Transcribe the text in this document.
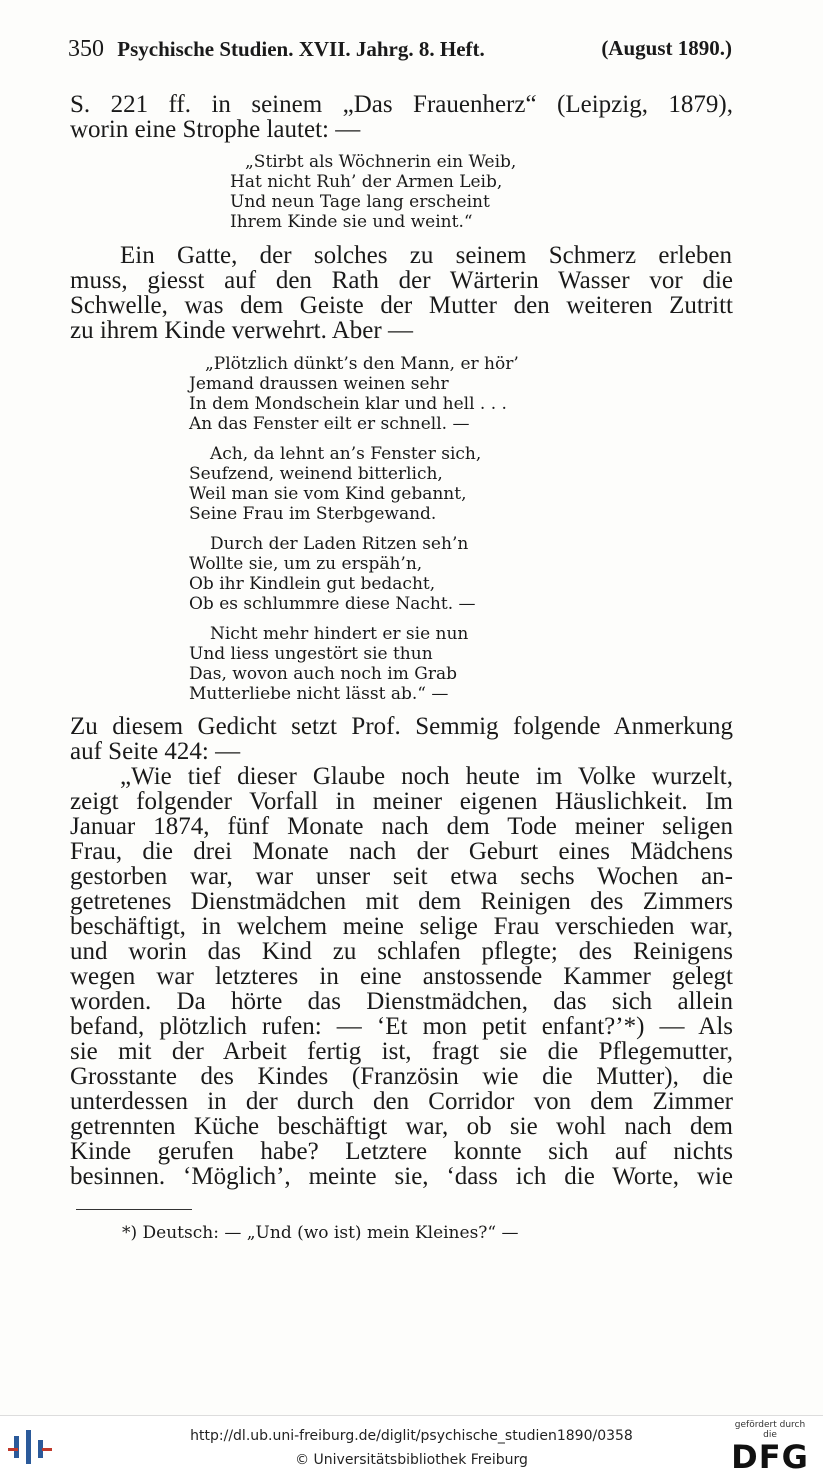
350 Psychische Studien. XVII. Jahrg. 8. Heft.	(August 1890.)
S. 221 ff. in seinem „Das Frauenherz“ (Leipzig, 1879),
worin eine Strophe lautet: —
„Stirbt als Wöchnerin ein Weib,
Hat nicht Ruh’ der Armen Leib,
Und neun Tage lang erscheint
Ihrem Kinde sie und weint.“
Ein Gatte, der solches zu seinem Schmerz erleben
muss, giesst auf den Rath der Wärterin Wasser vor die
Schwelle, was dem Geiste der Mutter den weiteren Zutritt
zu ihrem Kinde verwehrt. Aber —
„Plötzlich dünkt’s den Mann, er hör’
Jemand draussen weinen sehr
In dem Mondschein klar und hell . . .
An das Fenster eilt er schnell. —
Ach, da lehnt an’s Fenster sich,
Seufzend, weinend bitterlich,
Weil man sie vom Kind gebannt,
Seine Frau im Sterbgewand.
Durch der Laden Ritzen seh’n
Wollte sie, um zu erspäh’n,
Ob ihr Kindlein gut bedacht,
Ob es schlummre diese Nacht. —
Nicht mehr hindert er sie nun
Und liess ungestört sie thun
Das, wovon auch noch im Grab
Mutterliebe nicht lässt ab.“ —
Zu diesem Gedicht setzt Prof. Semmig folgende Anmerkung
auf Seite 424: —
„Wie tief dieser Glaube noch heute im Volke wurzelt,
zeigt folgender Vorfall in meiner eigenen Häuslichkeit. Im
Januar 1874, fünf Monate nach dem Tode meiner seligen
Frau, die drei Monate nach der Geburt eines Mädchens
gestorben war, war unser seit etwa sechs Wochen an-
getretenes Dienstmädchen mit dem Reinigen des Zimmers
beschäftigt, in welchem meine selige Frau verschieden war,
und worin das Kind zu schlafen pflegte; des Reinigens
wegen war letzteres in eine anstossende Kammer gelegt
worden. Da hörte das Dienstmädchen, das sich allein
befand, plötzlich rufen: — ‘Et mon petit enfant?’*) — Als
sie mit der Arbeit fertig ist, fragt sie die Pflegemutter,
Grosstante des Kindes (Französin wie die Mutter), die
unterdessen in der durch den Corridor von dem Zimmer
getrennten Küche beschäftigt war, ob sie wohl nach dem
Kinde gerufen habe? Letztere konnte sich auf nichts
besinnen. ‘Möglich’, meinte sie, ‘dass ich die Worte, wie
*) Deutsch: — „Und (wo ist) mein Kleines?“ —
http://dl.ub.uni-freiburg.de/diglit/psychische_studien1890/0358
© Universitätsbibliothek Freiburg
gefördert durch die
DFG
